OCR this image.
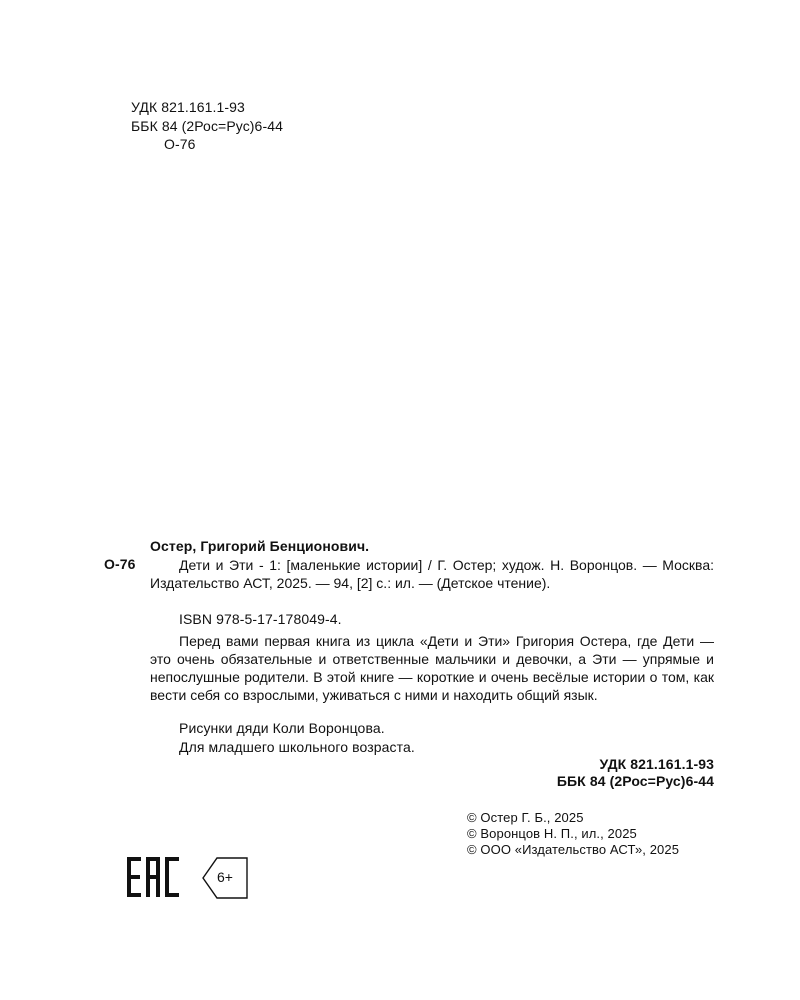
УДК 821.161.1-93
ББК 84 (2Рос=Рус)6-44
О-76
Остер, Григорий Бенционович.
О-76	Дети и Эти - 1: [маленькие истории] / Г. Остер; худож. Н. Воронцов. — Москва: Издательство АСТ, 2025. — 94, [2] с.: ил. — (Детское чтение).
ISBN 978-5-17-178049-4.
Перед вами первая книга из цикла «Дети и Эти» Григория Остера, где Дети — это очень обязательные и ответственные мальчики и девочки, а Эти — упрямые и непослушные родители. В этой книге — короткие и очень весёлые истории о том, как вести себя со взрослыми, уживаться с ними и находить общий язык.
Рисунки дяди Коли Воронцова.
Для младшего школьного возраста.
УДК 821.161.1-93
ББК 84 (2Рос=Рус)6-44
© Остер Г. Б., 2025
© Воронцов Н. П., ил., 2025
© ООО «Издательство АСТ», 2025
6+
